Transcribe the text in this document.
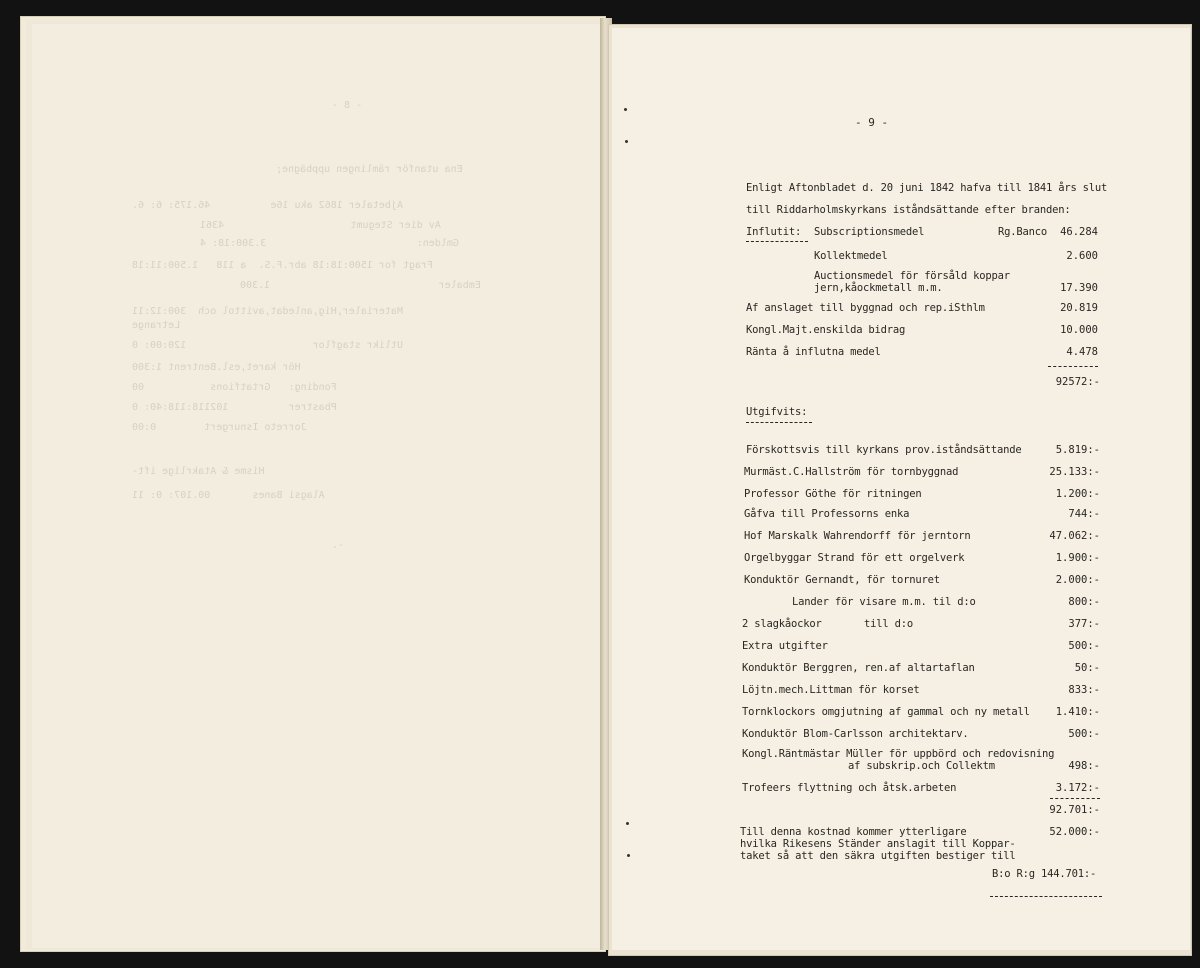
- 8 -
Ena utanför rämlingen uppbägne;
Ajbetaler 1862 aku 16e          46.175: 6: 6.
Av dier Stegumt                     4361
Gmlden:                         3.300:18: 4
Fragt for 1500:18:18 abr.F.S.  a 118   1.500:11:18
Embaler                            1.300
Materialer,Hig,anledat,avittol och  300:12:11
Letrange
Utlikr stagflor                     120:00: 0
Hör karet,esl.Bentrent 1:300
Fonding:   Grtatfions           00
Pbastrer          102118:118:40: 0
Jorreto Isnurgert        0:00
Hisme & Atakrlige ift-
Alagsi Banes       00.107: 0: 11
-.
- 9 -
Enligt Aftonbladet d. 20 juni 1842 hafva till 1841 års slut
till Riddarholmskyrkans iståndsättande efter branden:
Influtit: Subscriptionsmedel	Rg.Banco	46.284
Kollektmedel	2.600
Auctionsmedel för försåld koppar
jern,kåockmetall m.m.	17.390
Af anslaget till byggnad och rep.iSthlm	20.819
Kongl.Majt.enskilda bidrag	10.000
Ränta å influtna medel	4.478
92572:-
Utgifvits:
Förskottsvis till kyrkans prov.iståndsättande	5.819:-
Murmäst.C.Hallström för tornbyggnad	25.133:-
Professor Göthe för ritningen	1.200:-
Gåfva till Professorns enka	744:-
Hof Marskalk Wahrendorff för jerntorn	47.062:-
Orgelbyggar Strand för ett orgelverk	1.900:-
Konduktör Gernandt, för tornuret	2.000:-
Lander för visare m.m. til d:o	800:-
2 slagkåockor	till d:o	377:-
Extra utgifter	500:-
Konduktör Berggren, ren.af altartaflan	50:-
Löjtn.mech.Littman för korset	833:-
Tornklockors omgjutning af gammal och ny metall	1.410:-
Konduktör Blom-Carlsson architektarv.	500:-
Kongl.Räntmästar Müller för uppbörd och redovisning
af subskrip.och Collektm	498:-
Trofeers flyttning och åtsk.arbeten	3.172:-
92.701:-
Till denna kostnad kommer ytterligare	52.000:-
hvilka Rikesens Ständer anslagit till Koppar-
taket så att den säkra utgiften bestiger till
B:o R:g 144.701:-
